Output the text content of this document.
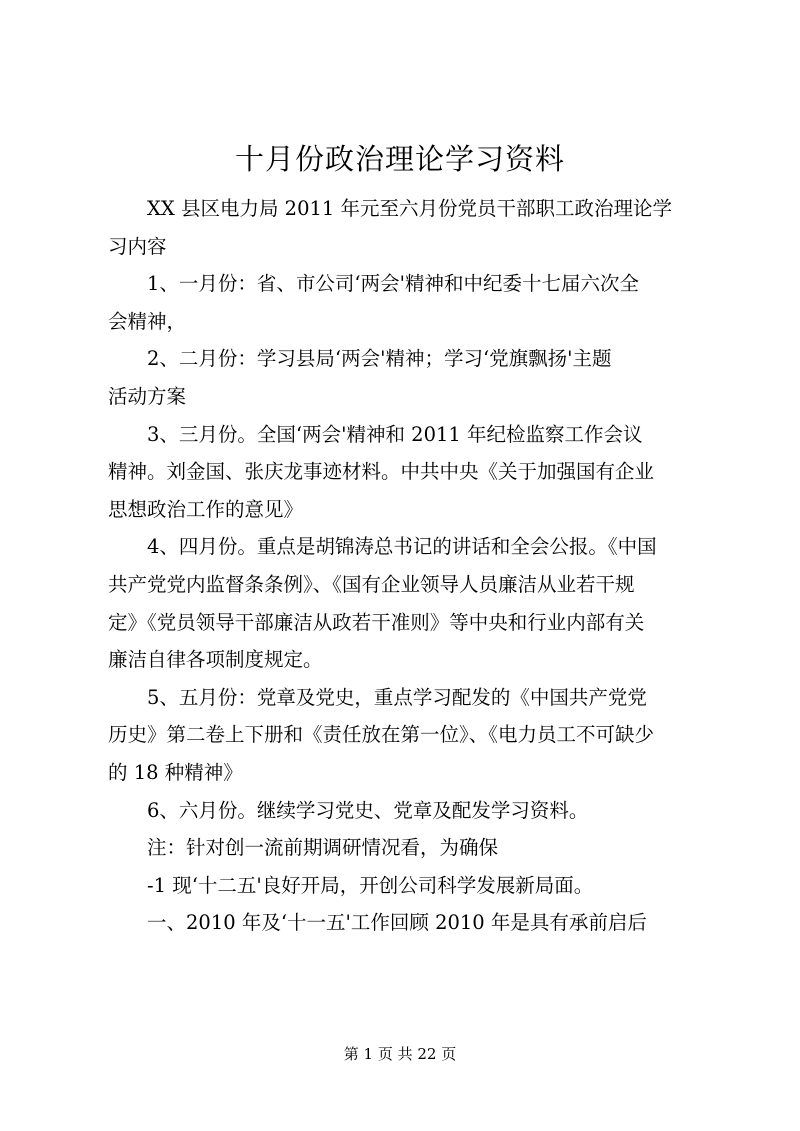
十月份政治理论学习资料

XX 县区电力局 2011 年元至六月份党员干部职工政治理论学
习内容

1、一月份：省、市公司‘两会'精神和中纪委十七届六次全
会精神，

2、二月份：学习县局‘两会'精神；学习‘党旗飘扬'主题
活动方案

3、三月份。全国‘两会'精神和 2011 年纪检监察工作会议
精神。刘金国、张庆龙事迹材料。中共中央《关于加强国有企业
思想政治工作的意见》

4、四月份。重点是胡锦涛总书记的讲话和全会公报。《中国
共产党党内监督条条例》、《国有企业领导人员廉洁从业若干规
定》《党员领导干部廉洁从政若干准则》等中央和行业内部有关
廉洁自律各项制度规定。

5、五月份：党章及党史，重点学习配发的《中国共产党党
历史》第二卷上下册和《责任放在第一位》、《电力员工不可缺少
的 18 种精神》

6、六月份。继续学习党史、党章及配发学习资料。

注：针对创一流前期调研情况看，为确保

-1 现‘十二五'良好开局，开创公司科学发展新局面。

一、2010 年及‘十一五'工作回顾 2010 年是具有承前启后

第 1 页 共 22 页
